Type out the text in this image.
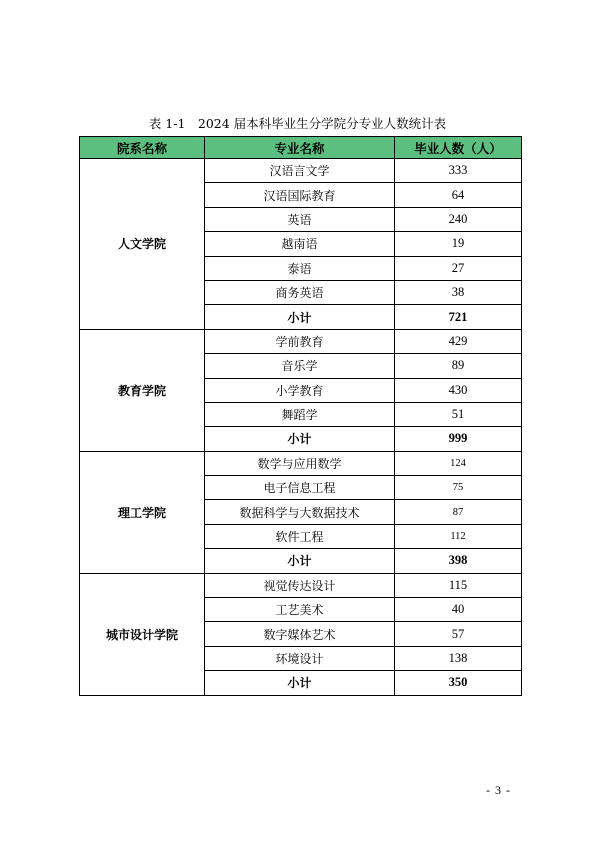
表 1-1　2024 届本科毕业生分学院分专业人数统计表
院系名称	专业名称	毕业人数（人）
人文学院	汉语言文学	333
	汉语国际教育	64
	英语	240
	越南语	19
	泰语	27
	商务英语	38
	小计	721
教育学院	学前教育	429
	音乐学	89
	小学教育	430
	舞蹈学	51
	小计	999
理工学院	数学与应用数学	124
	电子信息工程	75
	数据科学与大数据技术	87
	软件工程	112
	小计	398
城市设计学院	视觉传达设计	115
	工艺美术	40
	数字媒体艺术	57
	环境设计	138
	小计	350
- 3 -
